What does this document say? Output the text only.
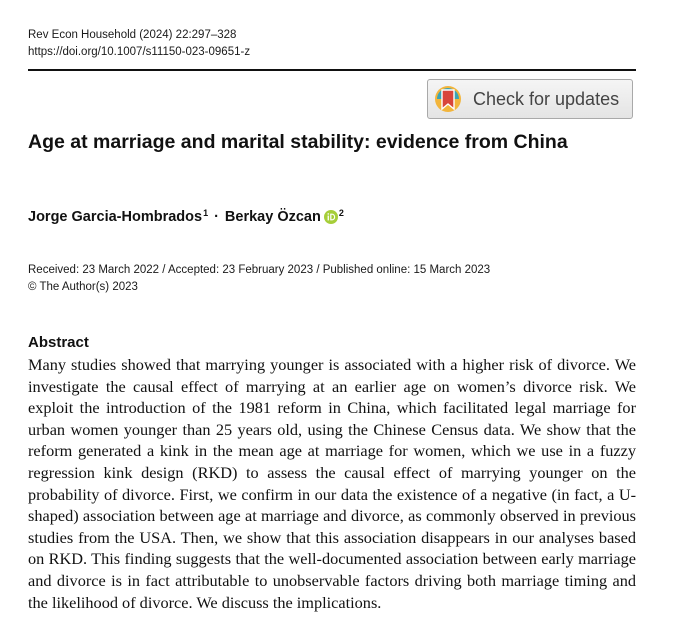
Rev Econ Household (2024) 22:297–328
https://doi.org/10.1007/s11150-023-09651-z
Check for updates
Age at marriage and marital stability: evidence from China
Jorge Garcia-Hombrados$^1$ · Berkay Özcan $^2$
Received: 23 March 2022 / Accepted: 23 February 2023 / Published online: 15 March 2023
© The Author(s) 2023
Abstract

Many studies showed that marrying younger is associated with a higher risk of divorce. We investigate the causal effect of marrying at an earlier age on women’s divorce risk. We exploit the introduction of the 1981 reform in China, which facilitated legal marriage for urban women younger than 25 years old, using the Chinese Census data. We show that the reform generated a kink in the mean age at marriage for women, which we use in a fuzzy regression kink design (RKD) to assess the causal effect of marrying younger on the probability of divorce. First, we confirm in our data the existence of a negative (in fact, a U-shaped) association between age at marriage and divorce, as commonly observed in previous studies from the USA. Then, we show that this association disappears in our analyses based on RKD. This finding suggests that the well-documented association between early marriage and divorce is in fact attributable to unobservable factors driving both marriage timing and the likelihood of divorce. We discuss the implications.
